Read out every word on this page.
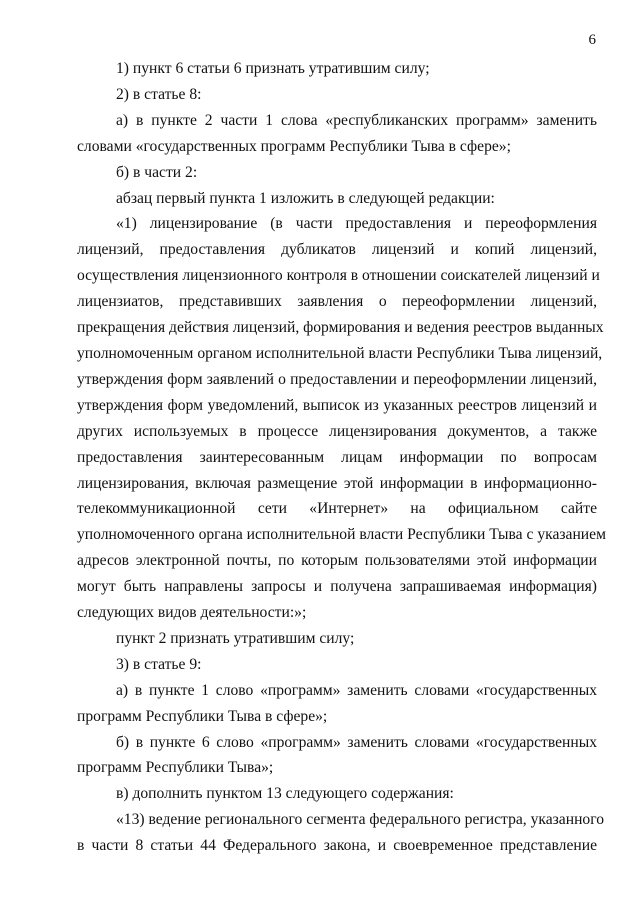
6
1) пункт 6 статьи 6 признать утратившим силу;
2) в статье 8:
а) в пункте 2 части 1 слова «республиканских программ» заменить
словами «государственных программ Республики Тыва в сфере»;
б) в части 2:
абзац первый пункта 1 изложить в следующей редакции:
«1) лицензирование (в части предоставления и переоформления
лицензий, предоставления дубликатов лицензий и копий лицензий,
осуществления лицензионного контроля в отношении соискателей лицензий и
лицензиатов, представивших заявления о переоформлении лицензий,
прекращения действия лицензий, формирования и ведения реестров выданных
уполномоченным органом исполнительной власти Республики Тыва лицензий,
утверждения форм заявлений о предоставлении и переоформлении лицензий,
утверждения форм уведомлений, выписок из указанных реестров лицензий и
других используемых в процессе лицензирования документов, а также
предоставления заинтересованным лицам информации по вопросам
лицензирования, включая размещение этой информации в информационно-
телекоммуникационной сети «Интернет» на официальном сайте
уполномоченного органа исполнительной власти Республики Тыва с указанием
адресов электронной почты, по которым пользователями этой информации
могут быть направлены запросы и получена запрашиваемая информация)
следующих видов деятельности:»;
пункт 2 признать утратившим силу;
3) в статье 9:
а) в пункте 1 слово «программ» заменить словами «государственных
программ Республики Тыва в сфере»;
б) в пункте 6 слово «программ» заменить словами «государственных
программ Республики Тыва»;
в) дополнить пунктом 13 следующего содержания:
«13) ведение регионального сегмента федерального регистра, указанного
в части 8 статьи 44 Федерального закона, и своевременное представление
